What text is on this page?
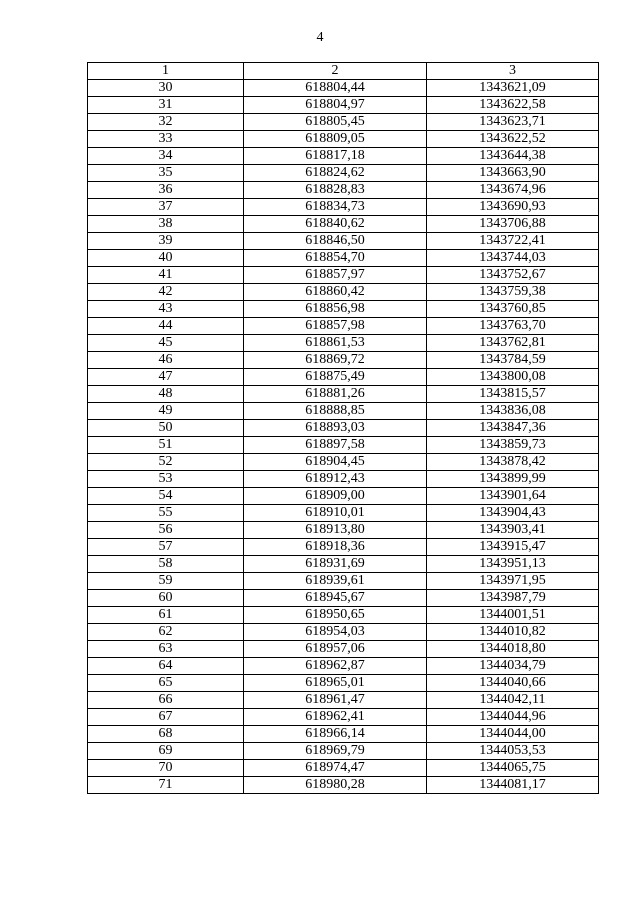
4
1	2	3
30	618804,44	1343621,09
31	618804,97	1343622,58
32	618805,45	1343623,71
33	618809,05	1343622,52
34	618817,18	1343644,38
35	618824,62	1343663,90
36	618828,83	1343674,96
37	618834,73	1343690,93
38	618840,62	1343706,88
39	618846,50	1343722,41
40	618854,70	1343744,03
41	618857,97	1343752,67
42	618860,42	1343759,38
43	618856,98	1343760,85
44	618857,98	1343763,70
45	618861,53	1343762,81
46	618869,72	1343784,59
47	618875,49	1343800,08
48	618881,26	1343815,57
49	618888,85	1343836,08
50	618893,03	1343847,36
51	618897,58	1343859,73
52	618904,45	1343878,42
53	618912,43	1343899,99
54	618909,00	1343901,64
55	618910,01	1343904,43
56	618913,80	1343903,41
57	618918,36	1343915,47
58	618931,69	1343951,13
59	618939,61	1343971,95
60	618945,67	1343987,79
61	618950,65	1344001,51
62	618954,03	1344010,82
63	618957,06	1344018,80
64	618962,87	1344034,79
65	618965,01	1344040,66
66	618961,47	1344042,11
67	618962,41	1344044,96
68	618966,14	1344044,00
69	618969,79	1344053,53
70	618974,47	1344065,75
71	618980,28	1344081,17
